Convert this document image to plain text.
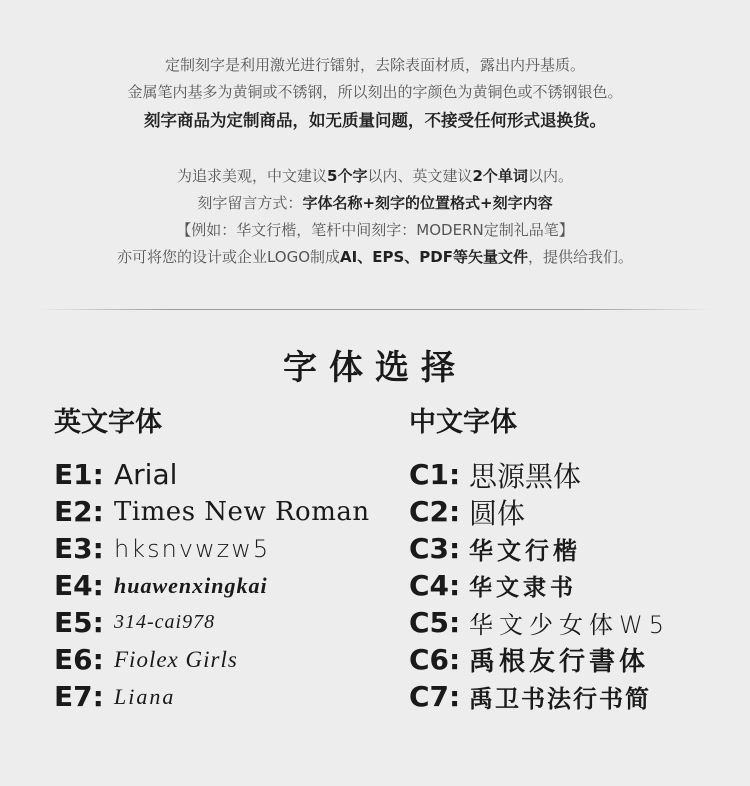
定制刻字是利用激光进行镭射，去除表面材质，露出内丹基质。

金属笔内基多为黄铜或不锈钢，所以刻出的字颜色为黄铜色或不锈钢银色。

刻字商品为定制商品，如无质量问题，不接受任何形式退换货。

为追求美观，中文建议5个字以内、英文建议2个单词以内。

刻字留言方式：字体名称+刻字的位置格式+刻字内容

【例如：华文行楷，笔杆中间刻字：MODERN定制礼品笔】

亦可将您的设计或企业LOGO制成AI、EPS、PDF等矢量文件，提供给我们。

字体选择
英文字体
E1: Arial
E2: Times New Roman
E3: hksnvwzw5
E4: huawenxingkai
E5: 314-cai978
E6: Fiolex Girls
E7: Liana
中文字体
C1: 思源黑体
C2: 圆体
C3: 华文行楷
C4: 华文隶书
C5: 华文少女体W5
C6: 禹根友行書体
C7: 禹卫书法行书简
